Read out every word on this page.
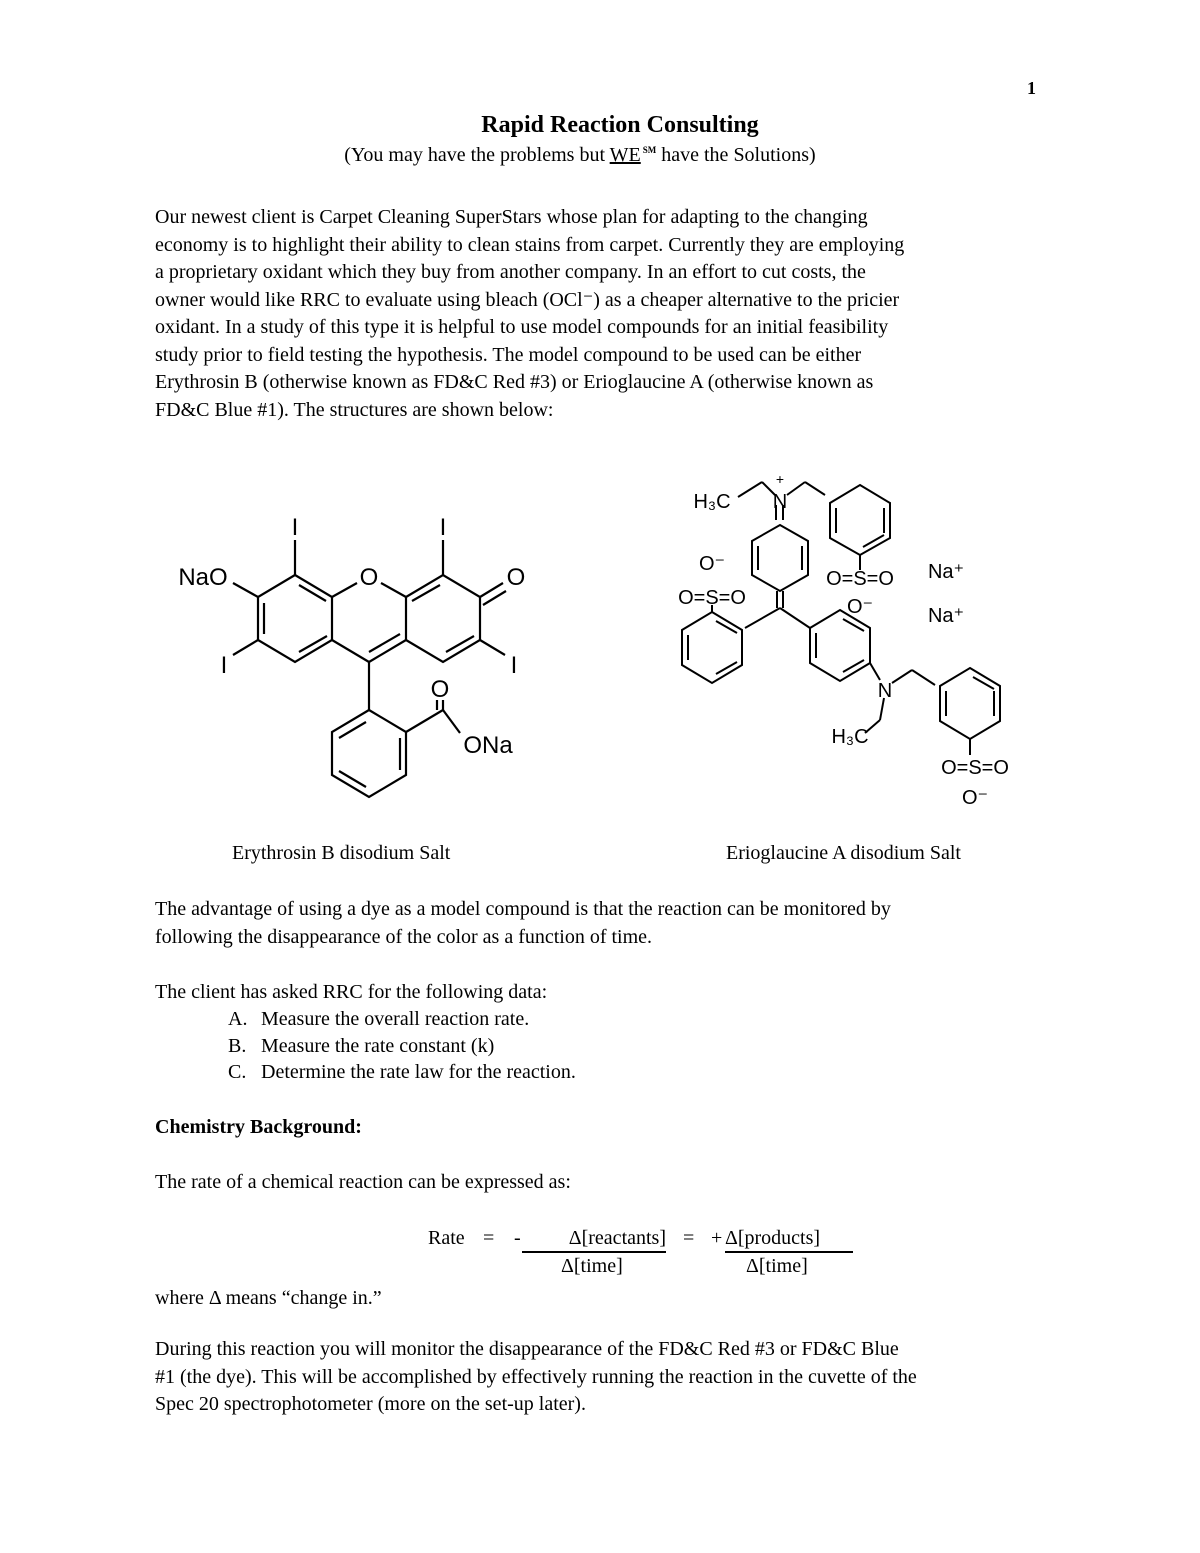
1
Rapid Reaction Consulting
(You may have the problems but WE ℠ have the Solutions)
Our newest client is Carpet Cleaning SuperStars whose plan for adapting to the changing
economy is to highlight their ability to clean stains from carpet. Currently they are employing
a proprietary oxidant which they buy from another company. In an effort to cut costs, the
owner would like RRC to evaluate using bleach (OCl⁻) as a cheaper alternative to the pricier
oxidant. In a study of this type it is helpful to use model compounds for an initial feasibility
study prior to field testing the hypothesis. The model compound to be used can be either
Erythrosin B (otherwise known as FD&C Red #3) or Erioglaucine A (otherwise known as
FD&C Blue #1). The structures are shown below:
NaO	O	O
I	I
I	I
O
ONa
H₃C N
+
O⁻
O=S=O
O=S=O
O⁻
Na⁺
Na⁺
N
H₃C
O=S=O
O⁻
Erythrosin B disodium Salt	Erioglaucine A disodium Salt
The advantage of using a dye as a model compound is that the reaction can be monitored by
following the disappearance of the color as a function of time.
The client has asked RRC for the following data:
A. Measure the overall reaction rate.
B. Measure the rate constant (k)
C. Determine the rate law for the reaction.
Chemistry Background:
The rate of a chemical reaction can be expressed as:
Rate = -	Δ[reactants]
Δ[time]
= + Δ[products]
Δ[time]
where Δ means “change in.”
During this reaction you will monitor the disappearance of the FD&C Red #3 or FD&C Blue
#1 (the dye). This will be accomplished by effectively running the reaction in the cuvette of the
Spec 20 spectrophotometer (more on the set-up later).
